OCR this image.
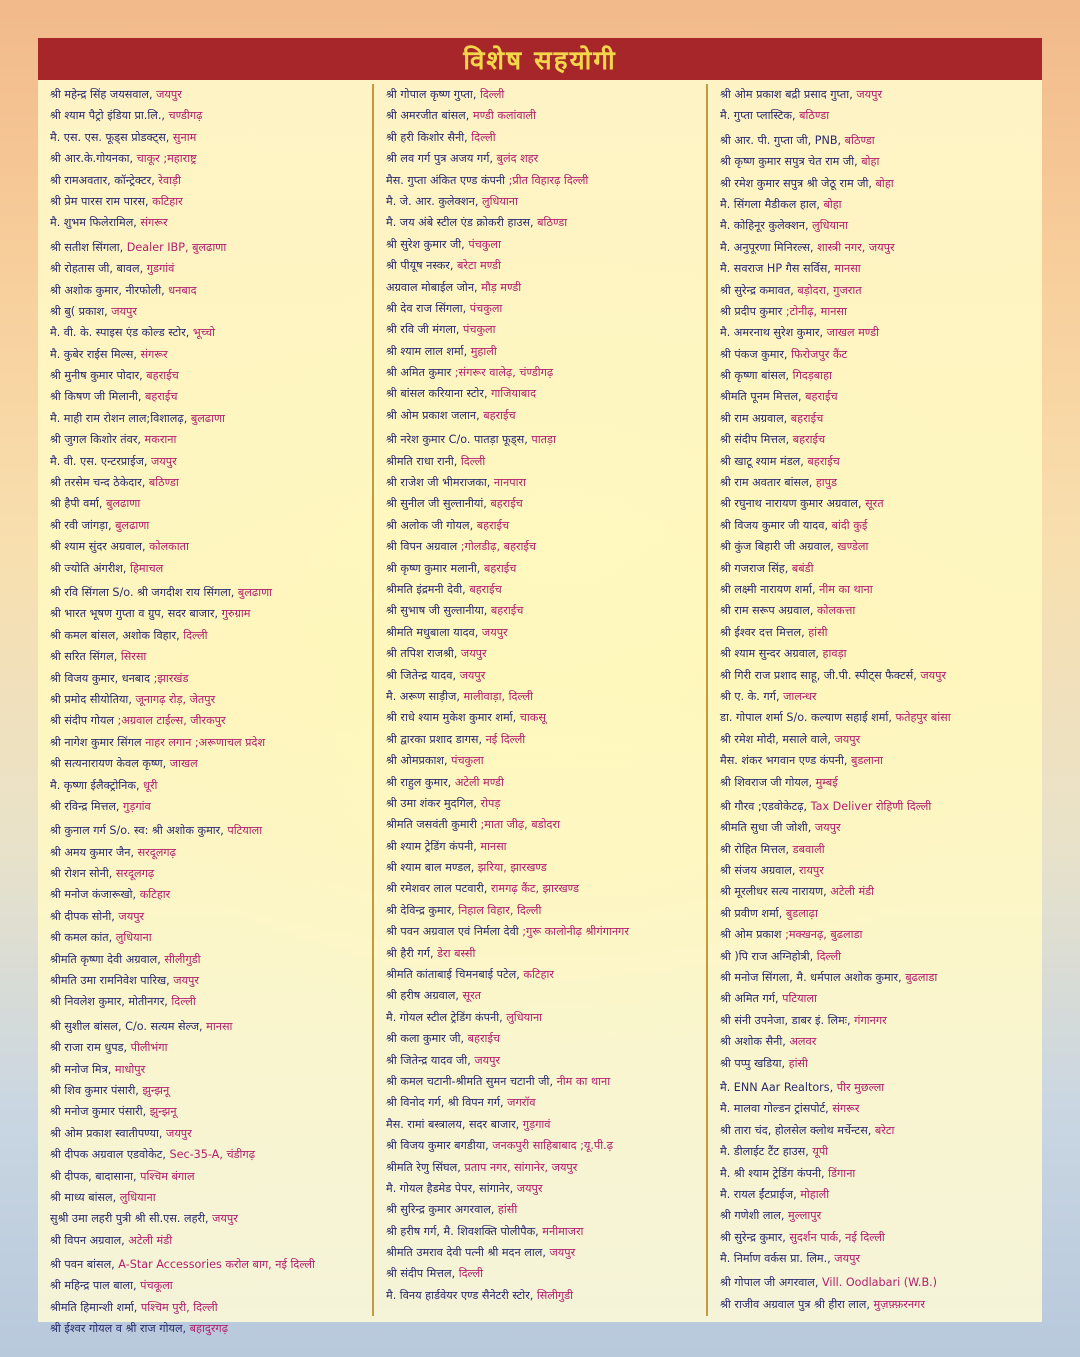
विशेष सहयोगी
श्री महेन्द्र सिंह जयसवाल, जयपुर
श्री श्याम पैट्रो इंडिया प्रा.लि., चण्डीगढ़
मै. एस. एस. फूड्स प्रोडक्ट्स, सुनाम
श्री आर.के.गोयनका, चाकूर ;महाराष्ट्र
श्री रामअवतार, कॉन्ट्रेक्टर, रेवाड़ी
श्री प्रेम पारस राम पारस, कटिहार
मै. शुभम फिलेरामिल, संगरूर
श्री सतीश सिंगला, Dealer IBP, बुलढाणा
श्री रोहतास जी, बावल, गुडगांवं
श्री अशोक कुमार, नीरफोली, धनबाद
श्री बु( प्रकाश, जयपुर
मै. वी. के. स्पाइस एंड कोल्ड स्टोर, भूच्चो
मै. कुबेर राईस मिल्स, संगरूर
श्री मुनीष कुमार पोदार, बहराईच
श्री किषण जी मिलानी, बहराईच
मै. माही राम रोशन लाल;विशालढ़, बुलढाणा
श्री जुगल किशोर तंवर, मकराना
मै. वी. एस. एन्टरप्राईज, जयपुर
श्री तरसेम चन्द ठेकेदार, बठिण्डा
श्री हैपी वर्मा, बुलढाणा
श्री रवी जांगड़ा, बुलढाणा
श्री श्याम सुंदर अग्रवाल, कोलकाता
श्री ज्योति अंगरीश, हिमाचल
श्री रवि सिंगला S/o. श्री जगदीश राय सिंगला, बुलढाणा
श्री भारत भूषण गुप्ता व ग्रुप, सदर बाजार, गुरुग्राम
श्री कमल बांसल, अशोक विहार, दिल्ली
श्री सरित सिंगल, सिरसा
श्री विजय कुमार, धनबाद ;झारखंड
श्री प्रमोद सीयोतिया, जूनागढ़ रोड़, जेतपुर
श्री संदीप गोयल ;अग्रवाल टाईल्स, जीरकपुर
श्री नागेश कुमार सिंगल नाहर लगान ;अरूणाचल प्रदेश
श्री सत्यनारायण केवल कृष्ण, जाखल
मै. कृष्णा ईलैक्ट्रोनिक, धूरी
श्री रविन्द्र मित्तल, गुड़गांव
श्री कुनाल गर्ग S/o. स्व: श्री अशोक कुमार, पटियाला
श्री अमय कुमार जैन, सरदूलगढ़
श्री रोशन सोनी, सरदूलगढ़
श्री मनोज कंजारूखो, कटिहार
श्री दीपक सोनी, जयपुर
श्री कमल कांत, लुधियाना
श्रीमति कृष्णा देवी अग्रवाल, सीलीगुडी
श्रीमति उमा रामनिवेश पारिख, जयपुर
श्री निवलेश कुमार, मोतीनगर, दिल्ली
श्री सुशील बांसल, C/o. सत्यम सेल्ज, मानसा
श्री राजा राम धुपड, पीलीभंगा
श्री मनोज मित्र, माधोपुर
श्री शिव कुमार पंसारी, झुन्झनू
श्री मनोज कुमार पंसारी, झुन्झनू
श्री ओम प्रकाश स्वातीपण्या, जयपुर
श्री दीपक अग्रवाल एडवोकेट, Sec-35-A, चंडीगढ़
श्री दीपक, बादासाना, पश्चिम बंगाल
श्री माध्य बांसल, लुधियाना
सुश्री उमा लहरी पुत्री श्री सी.एस. लहरी, जयपुर
श्री विपन अग्रवाल, अटेली मंडी
श्री पवन बांसल, A-Star Accessories करोल बाग, नई दिल्ली
श्री महिन्द्र पाल बाला, पंचकूला
श्रीमति हिमान्शी शर्मा, पश्चिम पुरी, दिल्ली
श्री ईश्वर गोयल व श्री राज गोयल, बहादुरगढ़
श्री गोपाल कृष्ण गुप्ता, दिल्ली
श्री अमरजीत बांसल, मण्डी कलांवाली
श्री हरी किशोर सैनी, दिल्ली
श्री लव गर्ग पुत्र अजय गर्ग, बुलंद शहर
मैस. गुप्ता अंकित एण्ड कंपनी ;प्रीत विहारढ़ दिल्ली
मै. जे. आर. कुलेक्शन, लुधियाना
मै. जय अंबे स्टील एंड क्रोकरी हाउस, बठिण्डा
श्री सुरेश कुमार जी, पंचकुला
श्री पीयूष नस्कर, बरेटा मण्डी
अग्रवाल मोबाईल जोन, मौड़ मण्डी
श्री देव राज सिंगला, पंचकुला
श्री रवि जी मंगला, पंचकुला
श्री श्याम लाल शर्मा, मुहाली
श्री अमित कुमार ;संगरूर वालेढ़, चंण्डीगढ़
श्री बांसल करियाना स्टोर, गाजियाबाद
श्री ओम प्रकाश जलान, बहराईच
श्री नरेश कुमार C/o. पातड़ा फूड्स, पातड़ा
श्रीमति राधा रानी, दिल्ली
श्री राजेश जी भीमराजका, नानपारा
श्री सुनील जी सुल्तानीयां, बहराईच
श्री अलोक जी गोयल, बहराईच
श्री विपन अग्रवाल ;गोलडीढ़, बहराईच
श्री कृष्ण कुमार मलानी, बहराईच
श्रीमति इंद्रमनी देवी, बहराईच
श्री सुभाष जी सुल्तानीया, बहराईच
श्रीमति मधुबाला यादव, जयपुर
श्री तपिश राजश्री, जयपुर
श्री जितेन्द्र यादव, जयपुर
मै. अरूण साड़ीज, मालीवाड़ा, दिल्ली
श्री राधे श्याम मुकेश कुमार शर्मा, चाकसू
श्री द्वारका प्रशाद डागस, नई दिल्ली
श्री ओमप्रकाश, पंचकुला
श्री राहुल कुमार, अटेली मण्डी
श्री उमा शंकर मुदगिल, रोपड़
श्रीमति जसवंती कुमारी ;माता जीढ़, बडोदरा
श्री श्याम ट्रेडिंग कंपनी, मानसा
श्री श्याम बाल मण्डल, झरिया, झारखण्ड
श्री रमेशवर लाल पटवारी, रामगढ़ कैंट, झारखण्ड
श्री देविन्द्र कुमार, निहाल विहार, दिल्ली
श्री पवन अग्रवाल एवं निर्मला देवी ;गुरू कालोनीढ़ श्रीगंगानगर
श्री हैरी गर्ग, डेरा बस्सी
श्रीमति कांताबाई चिमनबाई पटेल, कटिहार
श्री हरीष अग्रवाल, सूरत
मै. गोयल स्टील ट्रेडिंग कंपनी, लुधियाना
श्री कला कुमार जी, बहराईच
श्री जितेन्द्र यादव जी, जयपुर
श्री कमल चटानी-श्रीमति सुमन चटानी जी, नीम का थाना
श्री विनोद गर्ग, श्री विपन गर्ग, जगरॉव
मैस. रामां बस्त्रालय, सदर बाजार, गुड़गावं
श्री विजय कुमार बगडीया, जनकपुरी साहिबाबाद ;यू.पी.ढ़
श्रीमति रेणु सिंघल, प्रताप नगर, सांगानेर, जयपुर
मै. गोयल हैडमेड पेपर, सांगानेर, जयपुर
श्री सुरिन्द्र कुमार अगरवाल, हांसी
श्री हरीष गर्ग, मै. शिवशक्ति पोलीपैक, मनीमाजरा
श्रीमति उमराव देवी पत्नी श्री मदन लाल, जयपुर
श्री संदीप मित्तल, दिल्ली
मै. विनय हार्डवेयर एण्ड सैनेटरी स्टोर, सिलीगुडी
श्री ओम प्रकाश बद्री प्रसाद गुप्ता, जयपुर
मै. गुप्ता प्लास्टिक, बठिण्डा
श्री आर. पी. गुप्ता जी, PNB, बठिण्डा
श्री कृष्ण कुमार सपुत्र चेत राम जी, बोहा
श्री रमेश कुमार सपुत्र श्री जेठू राम जी, बोहा
मै. सिंगला मैडीकल हाल, बोहा
मै. कोहिनूर कुलेक्शन, लुधियाना
मै. अनुपूरणा मिनिरल्स, शास्त्री नगर, जयपुर
मै. सवराज HP गैस सर्विस, मानसा
श्री सुरेन्द्र कमावत, बड़ोदरा, गुजरात
श्री प्रदीप कुमार ;टोनीढ़, मानसा
मै. अमरनाथ सुरेश कुमार, जाखल मण्डी
श्री पंकज कुमार, फिरोजपुर कैंट
श्री कृष्णा बांसल, गिदड़बाहा
श्रीमति पूनम मित्तल, बहराईच
श्री राम अग्रवाल, बहराईच
श्री संदीप मित्तल, बहराईच
श्री खाटू श्याम मंडल, बहराईच
श्री राम अवतार बांसल, हापुड
श्री रघुनाथ नारायण कुमार अग्रवाल, सूरत
श्री विजय कुमार जी यादव, बांदी कुई
श्री कुंज बिहारी जी अग्रवाल, खण्डेला
श्री गजराज सिंह, बबंडी
श्री लक्ष्मी नारायण शर्मा, नीम का थाना
श्री राम सरूप अग्रवाल, कोलकत्ता
श्री ईश्वर दत्त मित्तल, हांसी
श्री श्याम सुन्दर अग्रवाल, हावड़ा
श्री गिरी राज प्रशाद साहू, जी.पी. स्पीट्स फैक्टर्स, जयपुर
श्री ए. के. गर्ग, जालन्धर
डा. गोपाल शर्मा S/o. कल्याण सहाई शर्मा, फतेहपुर बांसा
श्री रमेश मोदी, मसाले वाले, जयपुर
मैस. शंकर भगवान एण्ड कंपनी, बुडलाना
श्री शिवराज जी गोयल, मुम्बई
श्री गौरव ;एडवोकेटढ़, Tax Deliver रोहिणी दिल्ली
श्रीमति सुधा जी जोशी, जयपुर
श्री रोहित मित्तल, डबवाली
श्री संजय अग्रवाल, रायपुर
श्री मूरलीधर सत्य नारायण, अटेली मंडी
श्री प्रवीण शर्मा, बुडलाढ़ा
श्री ओम प्रकाश ;मक्खनढ़, बुढलाडा
श्री )पि राज अग्निहोत्री, दिल्ली
श्री मनोज सिंगला, मै. धर्मपाल अशोक कुमार, बुढलाडा
श्री अमित गर्ग, पटियाला
श्री संनी उपनेजा, डाबर इं. लिमः, गंगानगर
श्री अशोक सैनी, अलवर
श्री पप्पु खडिया, हांसी
मै. ENN Aar Realtors, पीर मुछल्ला
मै. मालवा गोल्डन ट्रांसपोर्ट, संगरूर
श्री तारा चंद, होलसेल क्लोथ मर्चेन्टस, बरेटा
मै. डीलाईट टैंट हाउस, यूपी
मै. श्री श्याम ट्रेडिंग कंपनी, डिंगाना
मै. रायल ईंटप्राईज, मोहाली
श्री गणेशी लाल, मुल्लापुर
श्री सुरेन्द्र कुमार, सुदर्शन पार्क, नई दिल्ली
मै. निर्माण वर्कस प्रा. लिम., जयपुर
श्री गोपाल जी अगरवाल, Vill. Oodlabari (W.B.)
श्री राजीव अग्रवाल पुत्र श्री हीरा लाल, मुज़फ़्फ़रनगर
